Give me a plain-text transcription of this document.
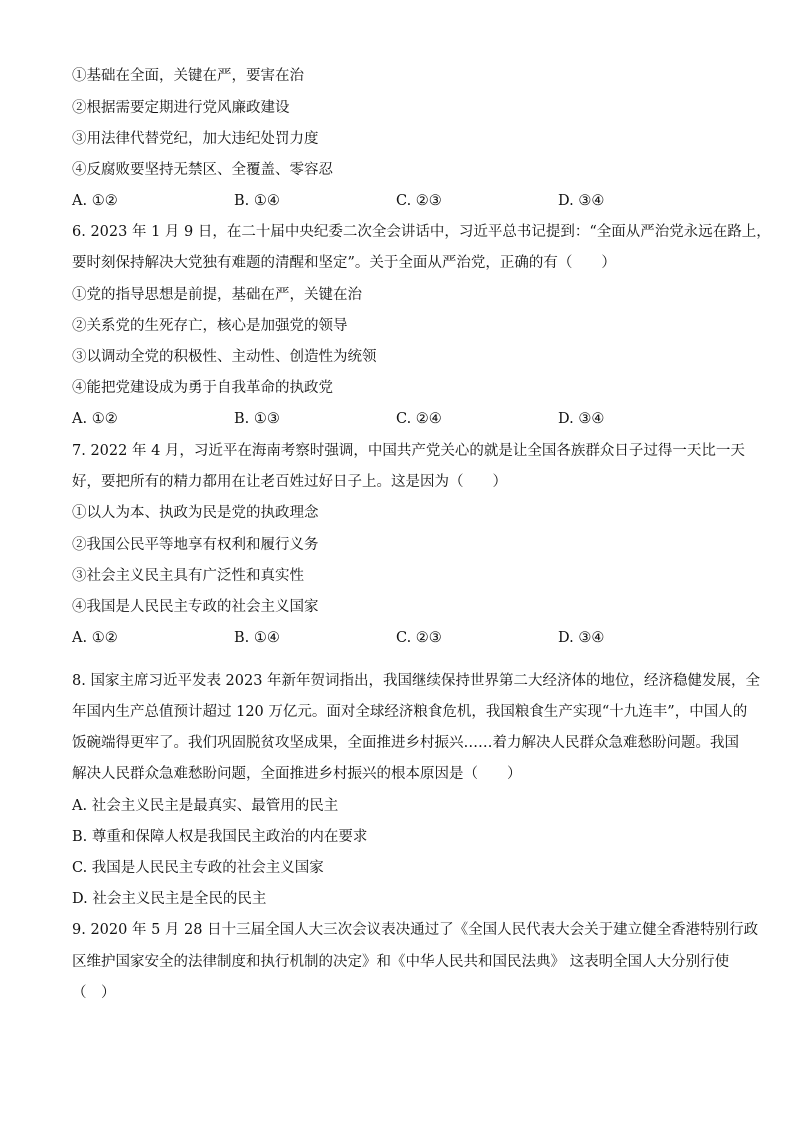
①基础在全面，关键在严，要害在治
②根据需要定期进行党风廉政建设
③用法律代替党纪，加大违纪处罚力度
④反腐败要坚持无禁区、全覆盖、零容忍
A. ①②	B. ①④	C. ②③	D. ③④
6. 2023 年 1 月 9 日，在二十届中央纪委二次全会讲话中，习近平总书记提到：“全面从严治党永远在路上，
要时刻保持解决大党独有难题的清醒和坚定”。关于全面从严治党，正确的有（　　）
①党的指导思想是前提，基础在严，关键在治
②关系党的生死存亡，核心是加强党的领导
③以调动全党的积极性、主动性、创造性为统领
④能把党建设成为勇于自我革命的执政党
A. ①②	B. ①③	C. ②④	D. ③④
7. 2022 年 4 月，习近平在海南考察时强调，中国共产党关心的就是让全国各族群众日子过得一天比一天
好，要把所有的精力都用在让老百姓过好日子上。这是因为（　　）
①以人为本、执政为民是党的执政理念
②我国公民平等地享有权利和履行义务
③社会主义民主具有广泛性和真实性
④我国是人民民主专政的社会主义国家
A. ①②	B. ①④	C. ②③	D. ③④
8. 国家主席习近平发表 2023 年新年贺词指出，我国继续保持世界第二大经济体的地位，经济稳健发展，全
年国内生产总值预计超过 120 万亿元。面对全球经济粮食危机，我国粮食生产实现“十九连丰”，中国人的
饭碗端得更牢了。我们巩固脱贫攻坚成果，全面推进乡村振兴……着力解决人民群众急难愁盼问题。我国
解决人民群众急难愁盼问题，全面推进乡村振兴的根本原因是（　　）
A. 社会主义民主是最真实、最管用的民主
B. 尊重和保障人权是我国民主政治的内在要求
C. 我国是人民民主专政的社会主义国家
D. 社会主义民主是全民的民主
9. 2020 年 5 月 28 日十三届全国人大三次会议表决通过了《全国人民代表大会关于建立健全香港特别行政
区维护国家安全的法律制度和执行机制的决定》和《中华人民共和国民法典》 这表明全国人大分别行使
（　）
